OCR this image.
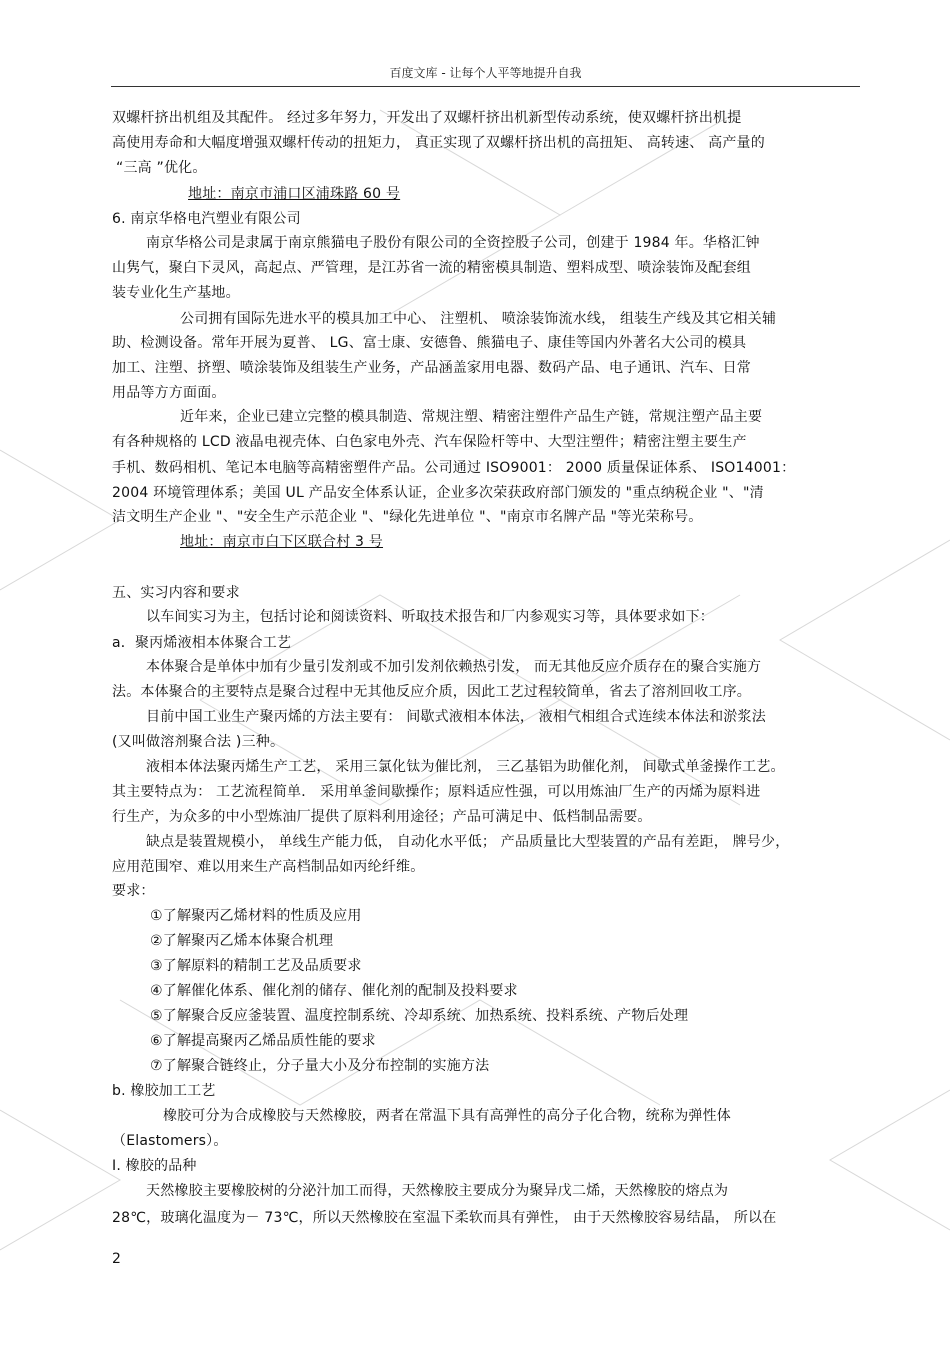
百度文库 - 让每个人平等地提升自我
双螺杆挤出机组及其配件。 经过多年努力，开发出了双螺杆挤出机新型传动系统，使双螺杆挤出机提
高使用寿命和大幅度增强双螺杆传动的扭矩力， 真正实现了双螺杆挤出机的高扭矩、 高转速、 高产量的
“三高 ”优化。
地址：南京市浦口区浦珠路 60 号
6. 南京华格电汽塑业有限公司
南京华格公司是隶属于南京熊猫电子股份有限公司的全资控股子公司，创建于 1984 年。华格汇钟
山隽气，聚白下灵风，高起点、严管理，是江苏省一流的精密模具制造、塑料成型、喷涂装饰及配套组
装专业化生产基地。
公司拥有国际先进水平的模具加工中心、 注塑机、 喷涂装饰流水线， 组装生产线及其它相关辅
助、检测设备。常年开展为夏普、 LG、富士康、安德鲁、熊猫电子、康佳等国内外著名大公司的模具
加工、注塑、挤塑、喷涂装饰及组装生产业务，产品涵盖家用电器、数码产品、电子通讯、汽车、日常
用品等方方面面。
近年来，企业已建立完整的模具制造、常规注塑、精密注塑件产品生产链，常规注塑产品主要
有各种规格的 LCD 液晶电视壳体、白色家电外壳、汽车保险杆等中、大型注塑件；精密注塑主要生产
手机、数码相机、笔记本电脑等高精密塑件产品。公司通过 ISO9001： 2000 质量保证体系、 ISO14001：
2004 环境管理体系；美国 UL 产品安全体系认证，企业多次荣获政府部门颁发的 "重点纳税企业 "、"清
洁文明生产企业 "、"安全生产示范企业 "、"绿化先进单位 "、"南京市名牌产品 "等光荣称号。
地址：南京市白下区联合村 3 号
五、实习内容和要求
以车间实习为主，包括讨论和阅读资料、听取技术报告和厂内参观实习等，具体要求如下：
a．聚丙烯液相本体聚合工艺
本体聚合是单体中加有少量引发剂或不加引发剂依赖热引发， 而无其他反应介质存在的聚合实施方
法。本体聚合的主要特点是聚合过程中无其他反应介质，因此工艺过程较简单，省去了溶剂回收工序。
目前中国工业生产聚丙烯的方法主要有： 间歇式液相本体法， 液相气相组合式连续本体法和淤浆法
(又叫做溶剂聚合法 )三种。
液相本体法聚丙烯生产工艺， 采用三氯化钛为催比剂， 三乙基铝为助催化剂， 间歇式单釜操作工艺。
其主要特点为： 工艺流程简单． 采用单釜间歇操作；原料适应性强，可以用炼油厂生产的丙烯为原料进
行生产，为众多的中小型炼油厂提供了原料利用途径；产品可满足中、低档制品需要。
缺点是装置规模小， 单线生产能力低， 自动化水平低； 产品质量比大型装置的产品有差距， 牌号少，
应用范围窄、难以用来生产高档制品如丙纶纤维。
要求：
①了解聚丙乙烯材料的性质及应用
②了解聚丙乙烯本体聚合机理
③了解原料的精制工艺及品质要求
④了解催化体系、催化剂的储存、催化剂的配制及投料要求
⑤了解聚合反应釜装置、温度控制系统、冷却系统、加热系统、投料系统、产物后处理
⑥了解提高聚丙乙烯品质性能的要求
⑦了解聚合链终止，分子量大小及分布控制的实施方法
b. 橡胶加工工艺
橡胶可分为合成橡胶与天然橡胶，两者在常温下具有高弹性的高分子化合物，统称为弹性体
（Elastomers）。
Ⅰ. 橡胶的品种
天然橡胶主要橡胶树的分泌汁加工而得，天然橡胶主要成分为聚异戊二烯，天然橡胶的熔点为
28℃，玻璃化温度为－ 73℃，所以天然橡胶在室温下柔软而具有弹性， 由于天然橡胶容易结晶， 所以在
2
